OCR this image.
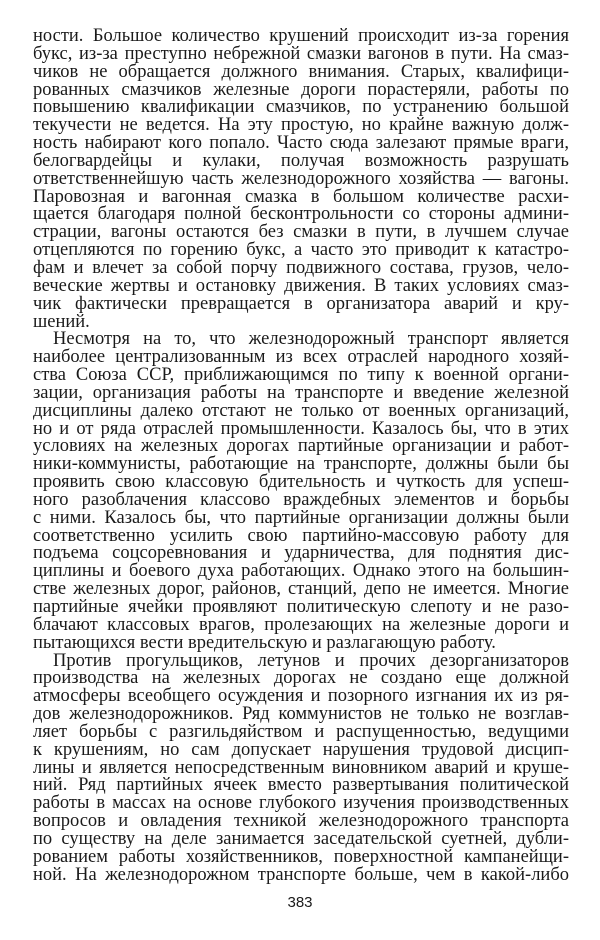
ности. Большое количество крушений происходит из-за горения
букс, из-за преступно небрежной смазки вагонов в пути. На смаз-
чиков не обращается должного внимания. Старых, квалифици-
рованных смазчиков железные дороги порастеряли, работы по
повышению квалификации смазчиков, по устранению большой
текучести не ведется. На эту простую, но крайне важную долж-
ность набирают кого попало. Часто сюда залезают прямые враги,
белогвардейцы и кулаки, получая возможность разрушать
ответственнейшую часть железнодорожного хозяйства — вагоны.
Паровозная и вагонная смазка в большом количестве расхи-
щается благодаря полной бесконтрольности со стороны админи-
страции, вагоны остаются без смазки в пути, в лучшем случае
отцепляются по горению букс, а часто это приводит к катастро-
фам и влечет за собой порчу подвижного состава, грузов, чело-
веческие жертвы и остановку движения. В таких условиях смаз-
чик фактически превращается в организатора аварий и кру-
шений.
Несмотря на то, что железнодорожный транспорт является
наиболее централизованным из всех отраслей народного хозяй-
ства Союза ССР, приближающимся по типу к военной органи-
зации, организация работы на транспорте и введение железной
дисциплины далеко отстают не только от военных организаций,
но и от ряда отраслей промышленности. Казалось бы, что в этих
условиях на железных дорогах партийные организации и работ-
ники-коммунисты, работающие на транспорте, должны были бы
проявить свою классовую бдительность и чуткость для успеш-
ного разоблачения классово враждебных элементов и борьбы
с ними. Казалось бы, что партийные организации должны были
соответственно усилить свою партийно-массовую работу для
подъема соцсоревнования и ударничества, для поднятия дис-
циплины и боевого духа работающих. Однако этого на большин-
стве железных дорог, районов, станций, депо не имеется. Многие
партийные ячейки проявляют политическую слепоту и не разо-
блачают классовых врагов, пролезающих на железные дороги и
пытающихся вести вредительскую и разлагающую работу.
Против прогульщиков, летунов и прочих дезорганизаторов
производства на железных дорогах не создано еще должной
атмосферы всеобщего осуждения и позорного изгнания их из ря-
дов железнодорожников. Ряд коммунистов не только не возглав-
ляет борьбы с разгильдяйством и распущенностью, ведущими
к крушениям, но сам допускает нарушения трудовой дисцип-
лины и является непосредственным виновником аварий и круше-
ний. Ряд партийных ячеек вместо развертывания политической
работы в массах на основе глубокого изучения производственных
вопросов и овладения техникой железнодорожного транспорта
по существу на деле занимается заседательской суетней, дубли-
рованием работы хозяйственников, поверхностной кампанейщи-
ной. На железнодорожном транспорте больше, чем в какой-либо
383
